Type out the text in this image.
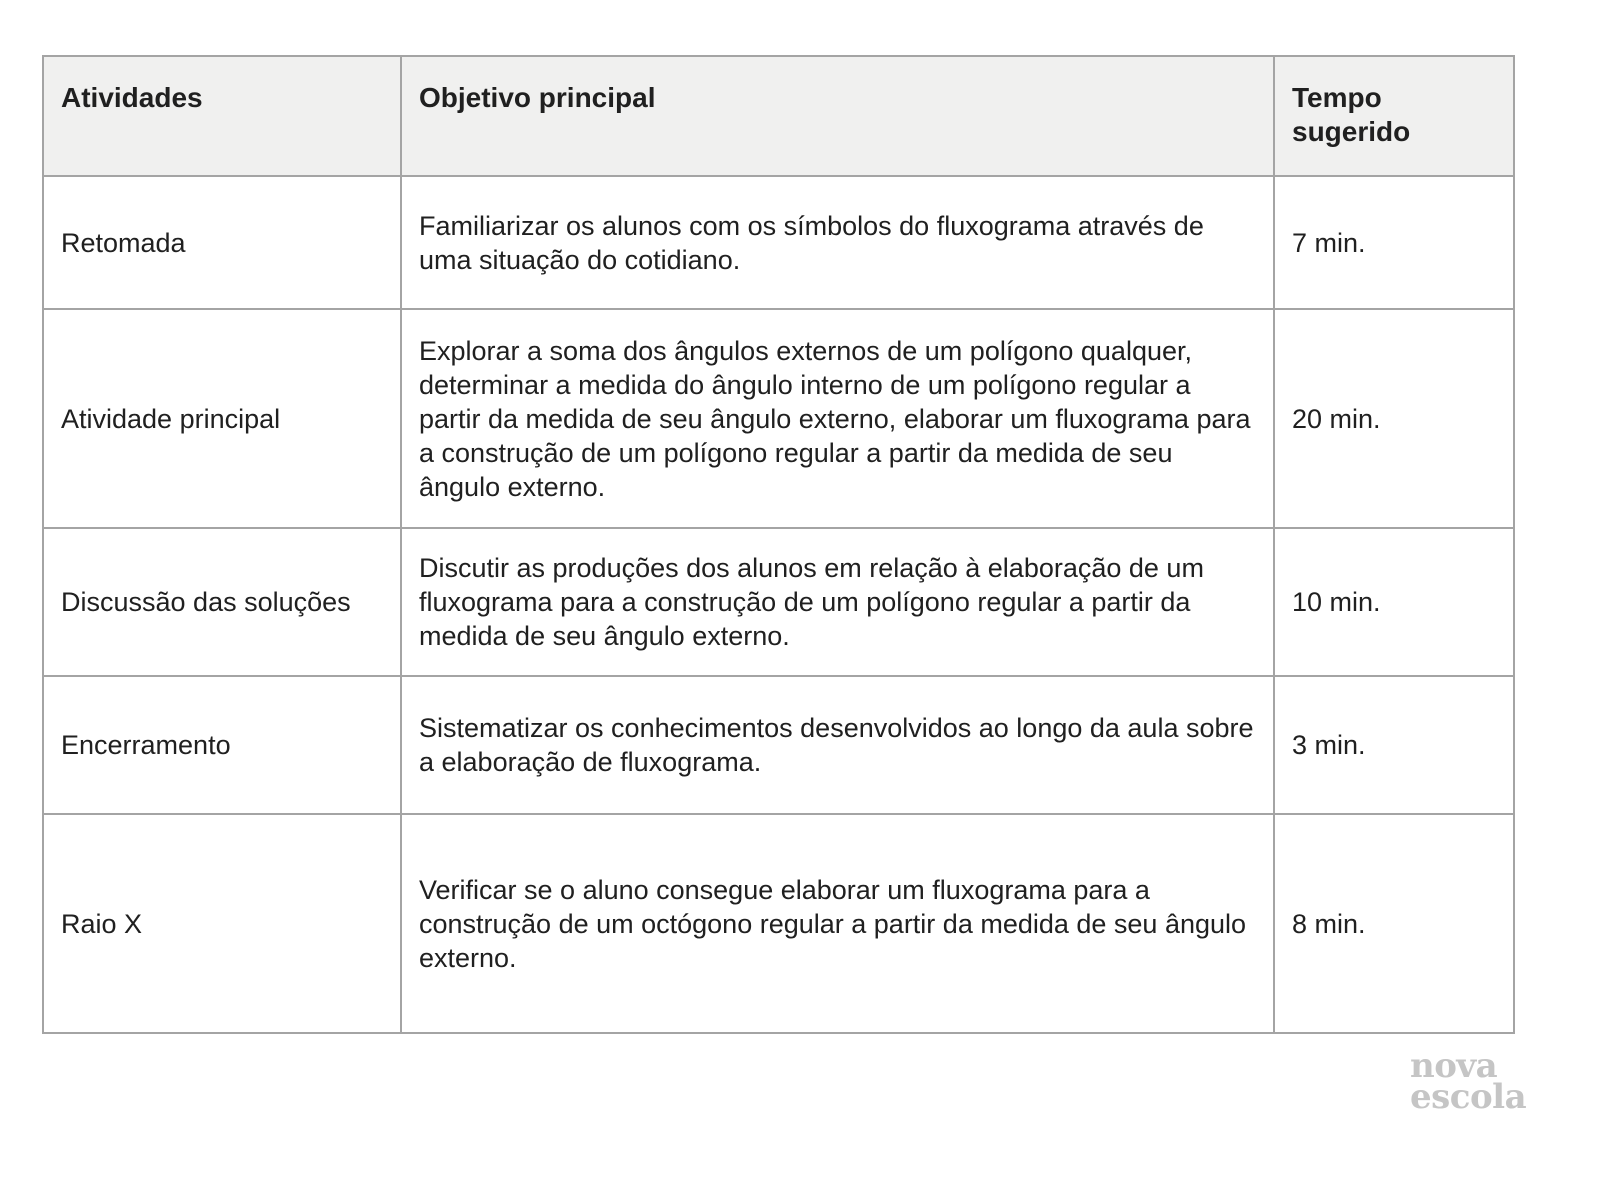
Atividades	Objetivo principal	Tempo sugerido
Retomada	Familiarizar os alunos com os símbolos do fluxograma através de uma situação do cotidiano.	7 min.
Atividade principal	Explorar a soma dos ângulos externos de um polígono qualquer, determinar a medida do ângulo interno de um polígono regular a partir da medida de seu ângulo externo, elaborar um fluxograma para a construção de um polígono regular a partir da medida de seu ângulo externo.	20 min.
Discussão das soluções	Discutir as produções dos alunos em relação à elaboração de um fluxograma para a construção de um polígono regular a partir da medida de seu ângulo externo.	10 min.
Encerramento	Sistematizar os conhecimentos desenvolvidos ao longo da aula sobre a elaboração de fluxograma.	3 min.
Raio X	Verificar se o aluno consegue elaborar um fluxograma para a construção de um octógono regular a partir da medida de seu ângulo externo.	8 min.
nova
escola
